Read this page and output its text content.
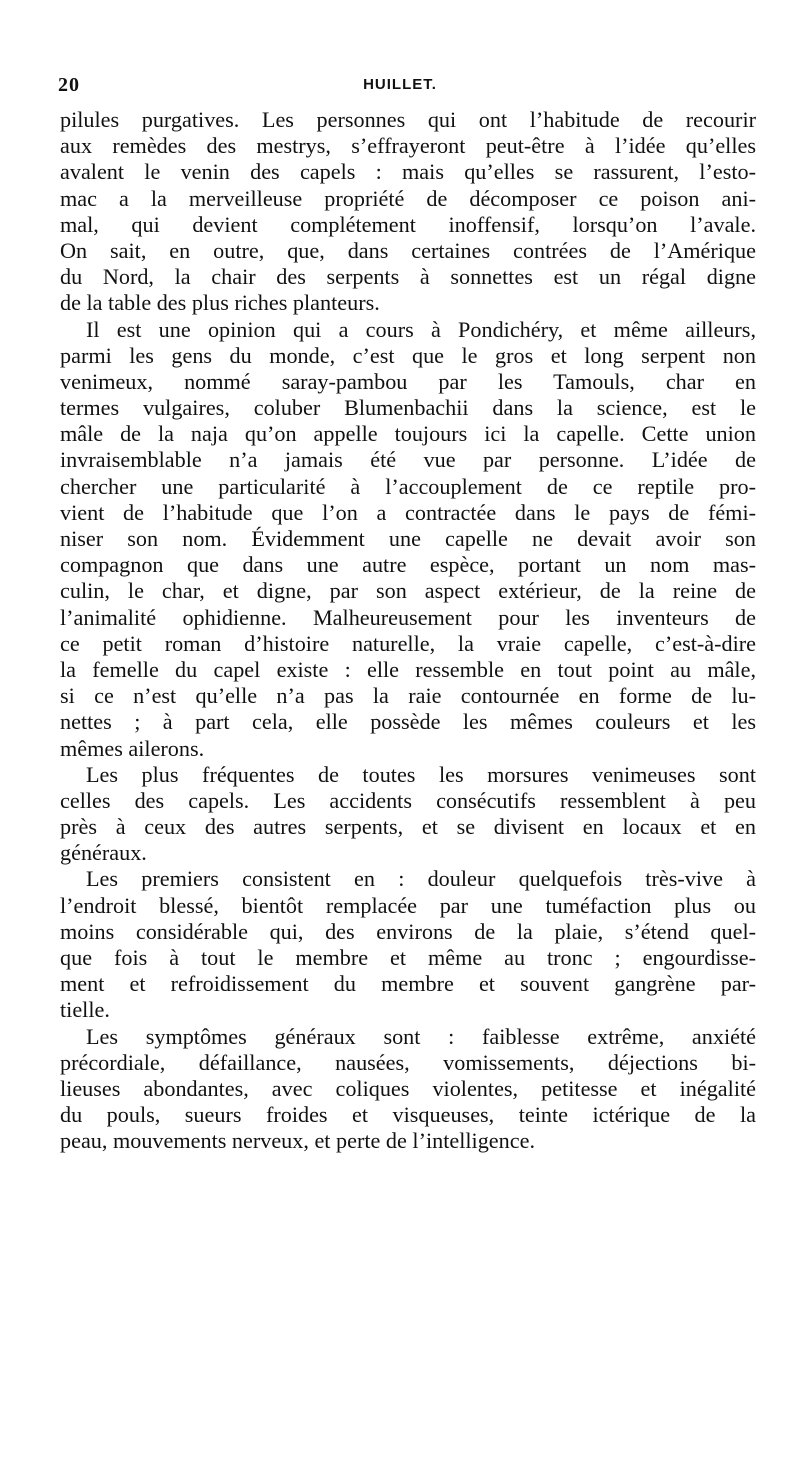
20	HUILLET.
pilules purgatives. Les personnes qui ont l’habitude de recourir
aux remèdes des mestrys, s’effrayeront peut-être à l’idée qu’elles
avalent le venin des capels : mais qu’elles se rassurent, l’esto-
mac a la merveilleuse propriété de décomposer ce poison ani-
mal, qui devient complétement inoffensif, lorsqu’on l’avale.
On sait, en outre, que, dans certaines contrées de l’Amérique
du Nord, la chair des serpents à sonnettes est un régal digne
de la table des plus riches planteurs.
Il est une opinion qui a cours à Pondichéry, et même ailleurs,
parmi les gens du monde, c’est que le gros et long serpent non
venimeux, nommé saray-pambou par les Tamouls, char en
termes vulgaires, coluber Blumenbachii dans la science, est le
mâle de la naja qu’on appelle toujours ici la capelle. Cette union
invraisemblable n’a jamais été vue par personne. L’idée de
chercher une particularité à l’accouplement de ce reptile pro-
vient de l’habitude que l’on a contractée dans le pays de fémi-
niser son nom. Évidemment une capelle ne devait avoir son
compagnon que dans une autre espèce, portant un nom mas-
culin, le char, et digne, par son aspect extérieur, de la reine de
l’animalité ophidienne. Malheureusement pour les inventeurs de
ce petit roman d’histoire naturelle, la vraie capelle, c’est-à-dire
la femelle du capel existe : elle ressemble en tout point au mâle,
si ce n’est qu’elle n’a pas la raie contournée en forme de lu-
nettes ; à part cela, elle possède les mêmes couleurs et les
mêmes ailerons.
Les plus fréquentes de toutes les morsures venimeuses sont
celles des capels. Les accidents consécutifs ressemblent à peu
près à ceux des autres serpents, et se divisent en locaux et en
généraux.
Les premiers consistent en : douleur quelquefois très-vive à
l’endroit blessé, bientôt remplacée par une tuméfaction plus ou
moins considérable qui, des environs de la plaie, s’étend quel-
que fois à tout le membre et même au tronc ; engourdisse-
ment et refroidissement du membre et souvent gangrène par-
tielle.
Les symptômes généraux sont : faiblesse extrême, anxiété
précordiale, défaillance, nausées, vomissements, déjections bi-
lieuses abondantes, avec coliques violentes, petitesse et inégalité
du pouls, sueurs froides et visqueuses, teinte ictérique de la
peau, mouvements nerveux, et perte de l’intelligence.
